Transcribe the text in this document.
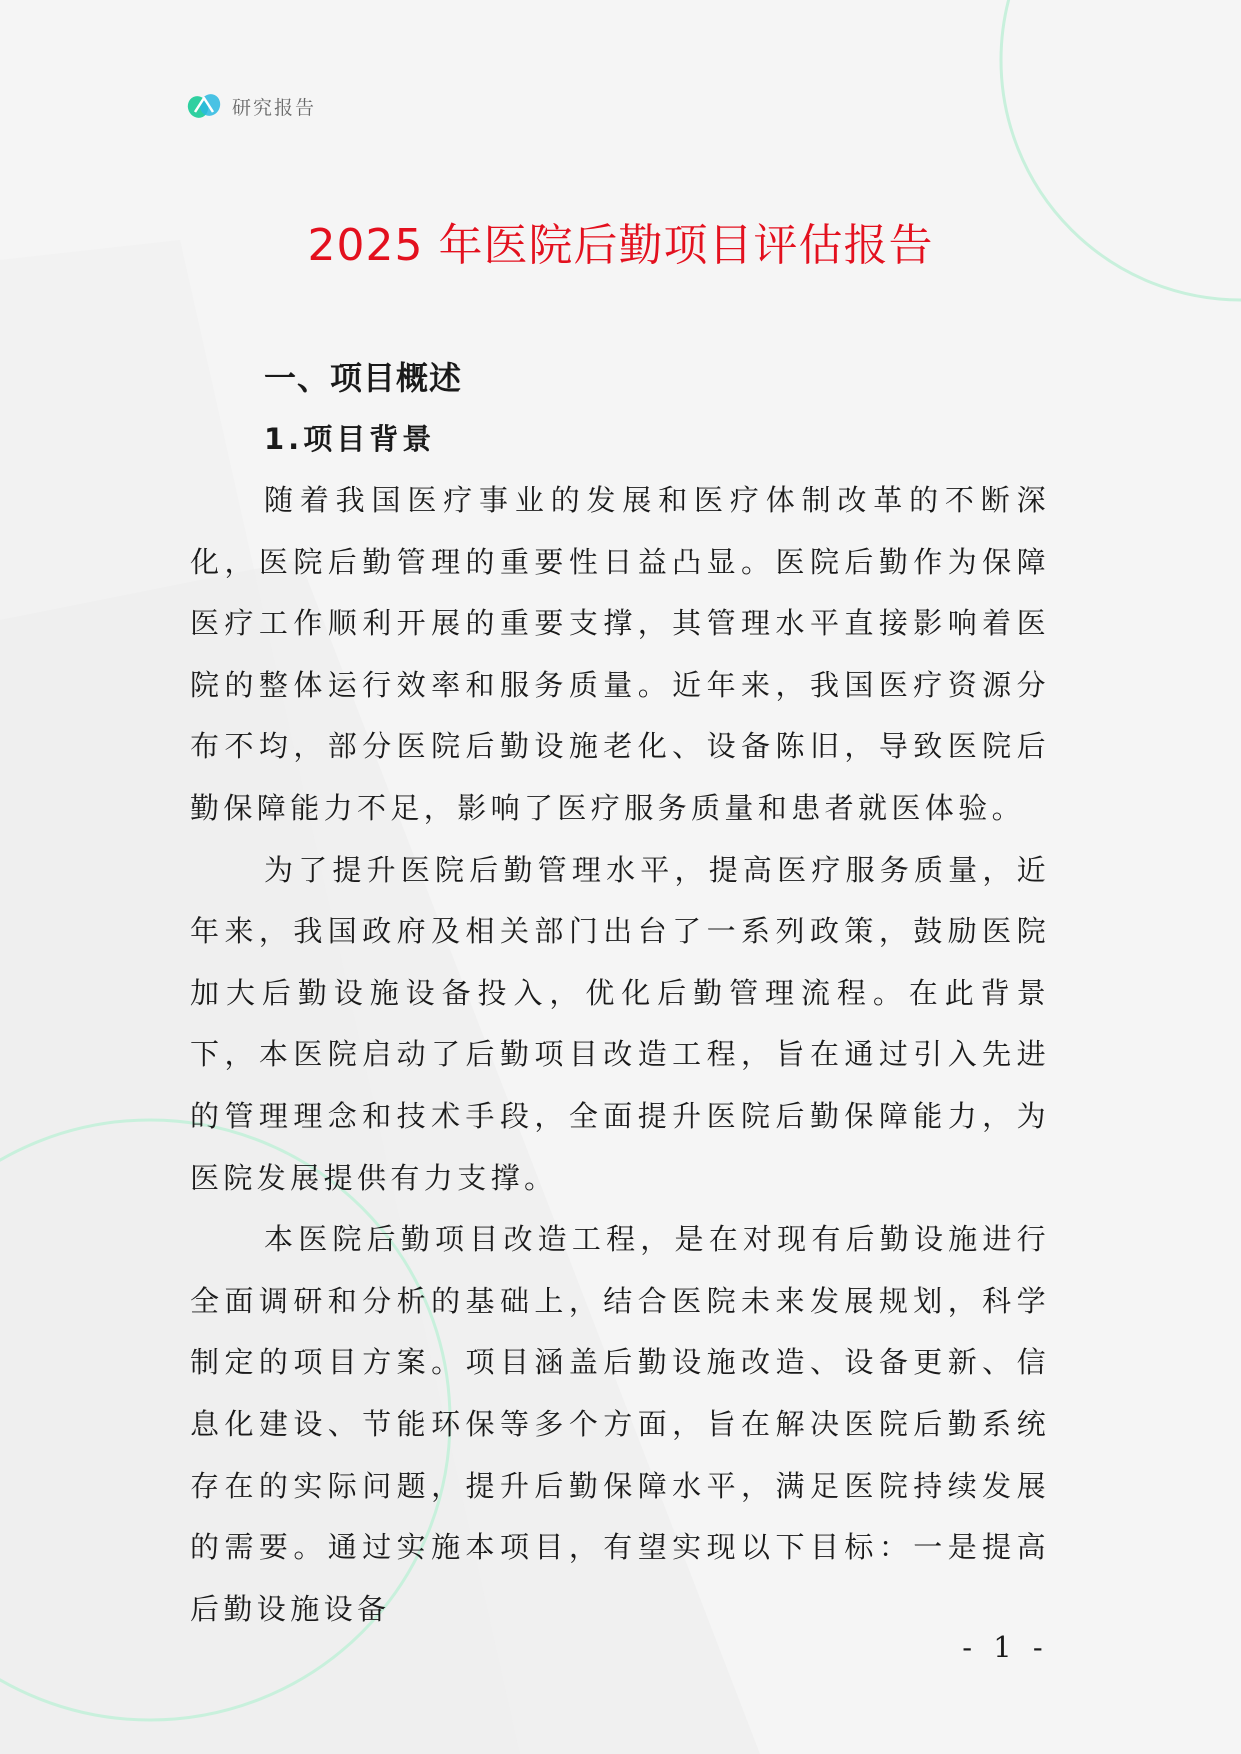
研究报告
2025 年医院后勤项目评估报告
一、项目概述
1.项目背景

随着我国医疗事业的发展和医疗体制改革的不断深化，医院后勤管理的重要性日益凸显。医院后勤作为保障医疗工作顺利开展的重要支撑，其管理水平直接影响着医院的整体运行效率和服务质量。近年来，我国医疗资源分布不均，部分医院后勤设施老化、设备陈旧，导致医院后勤保障能力不足，影响了医疗服务质量和患者就医体验。

为了提升医院后勤管理水平，提高医疗服务质量，近年来，我国政府及相关部门出台了一系列政策，鼓励医院加大后勤设施设备投入，优化后勤管理流程。在此背景下，本医院启动了后勤项目改造工程，旨在通过引入先进的管理理念和技术手段，全面提升医院后勤保障能力，为医院发展提供有力支撑。

本医院后勤项目改造工程，是在对现有后勤设施进行全面调研和分析的基础上，结合医院未来发展规划，科学制定的项目方案。项目涵盖后勤设施改造、设备更新、信息化建设、节能环保等多个方面，旨在解决医院后勤系统存在的实际问题，提升后勤保障水平，满足医院持续发展的需要。通过实施本项目，有望实现以下目标：一是提高后勤设施设备

- 1 -
